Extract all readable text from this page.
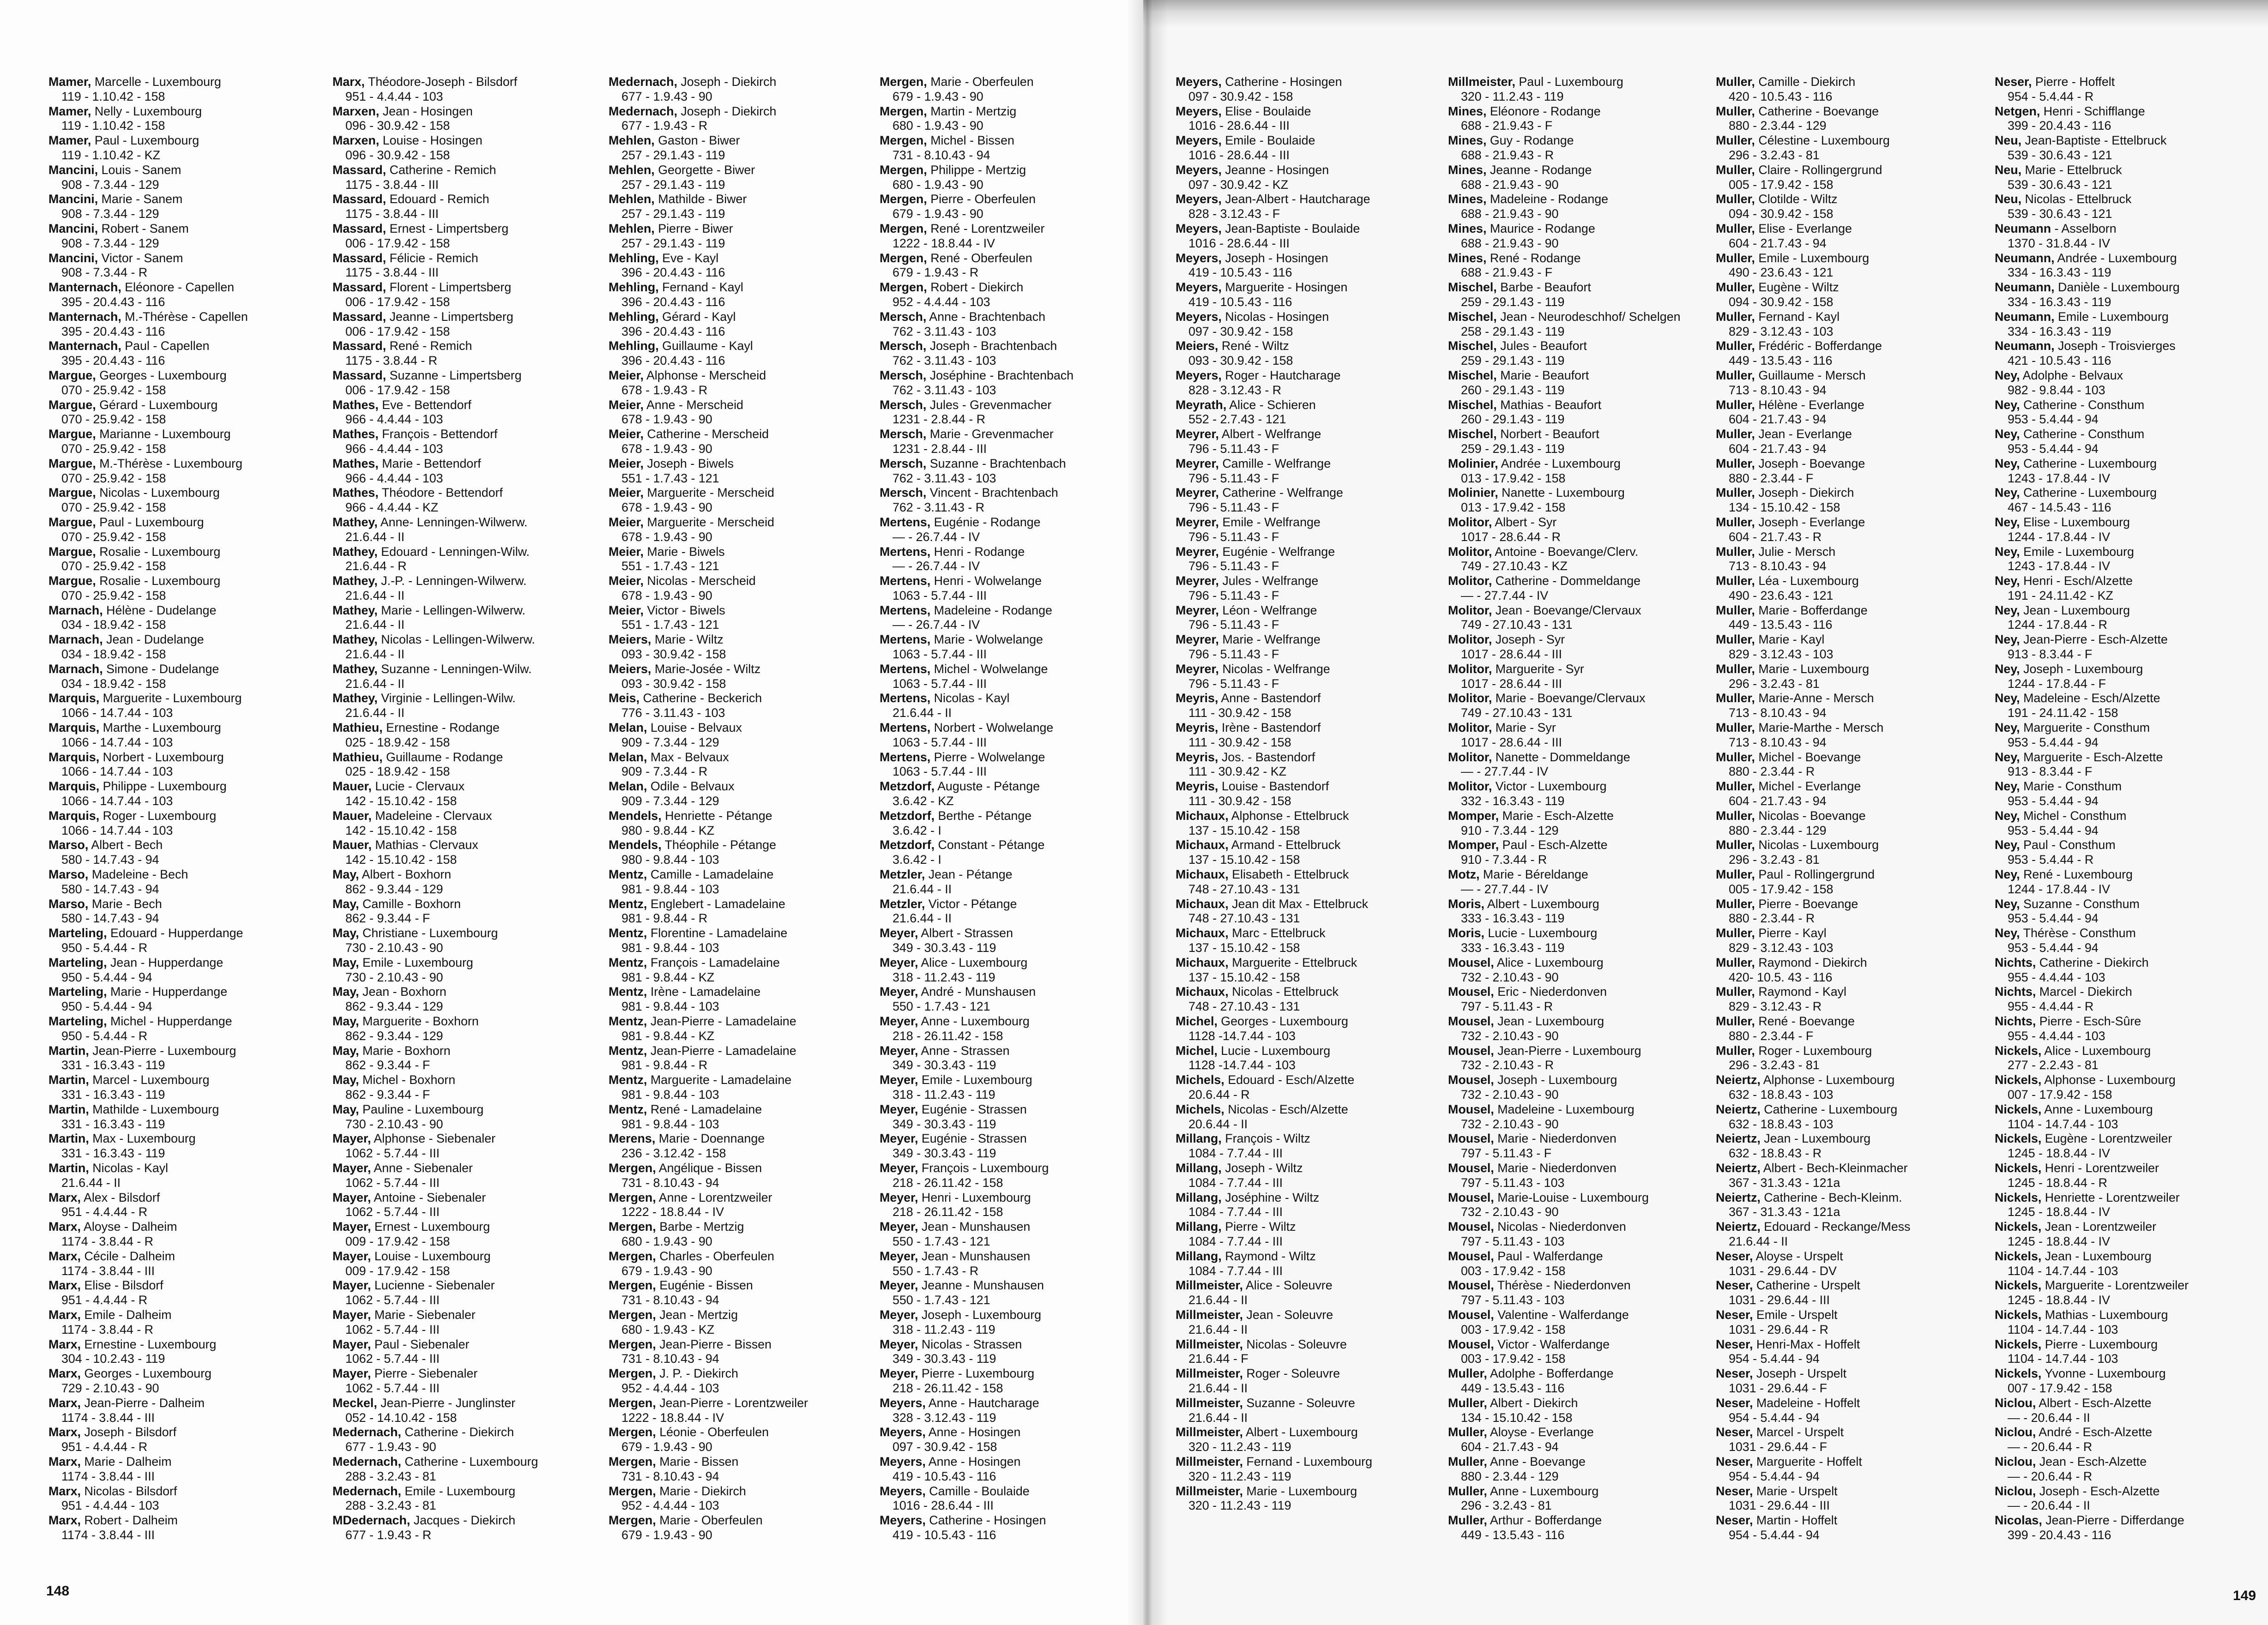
Mamer, Marcelle - Luxembourg
119 - 1.10.42 - 158
Mamer, Nelly - Luxembourg
119 - 1.10.42 - 158
Mamer, Paul - Luxembourg
119 - 1.10.42 - KZ
Mancini, Louis - Sanem
908 - 7.3.44 - 129
Mancini, Marie - Sanem
908 - 7.3.44 - 129
Mancini, Robert - Sanem
908 - 7.3.44 - 129
Mancini, Victor - Sanem
908 - 7.3.44 - R
Manternach, Eléonore - Capellen
395 - 20.4.43 - 116
Manternach, M.-Thérèse - Capellen
395 - 20.4.43 - 116
Manternach, Paul - Capellen
395 - 20.4.43 - 116
Margue, Georges - Luxembourg
070 - 25.9.42 - 158
Margue, Gérard - Luxembourg
070 - 25.9.42 - 158
Margue, Marianne - Luxembourg
070 - 25.9.42 - 158
Margue, M.-Thérèse - Luxembourg
070 - 25.9.42 - 158
Margue, Nicolas - Luxembourg
070 - 25.9.42 - 158
Margue, Paul - Luxembourg
070 - 25.9.42 - 158
Margue, Rosalie - Luxembourg
070 - 25.9.42 - 158
Margue, Rosalie - Luxembourg
070 - 25.9.42 - 158
Marnach, Hélène - Dudelange
034 - 18.9.42 - 158
Marnach, Jean - Dudelange
034 - 18.9.42 - 158
Marnach, Simone - Dudelange
034 - 18.9.42 - 158
Marquis, Marguerite - Luxembourg
1066 - 14.7.44 - 103
Marquis, Marthe - Luxembourg
1066 - 14.7.44 - 103
Marquis, Norbert - Luxembourg
1066 - 14.7.44 - 103
Marquis, Philippe - Luxembourg
1066 - 14.7.44 - 103
Marquis, Roger - Luxembourg
1066 - 14.7.44 - 103
Marso, Albert - Bech
580 - 14.7.43 - 94
Marso, Madeleine - Bech
580 - 14.7.43 - 94
Marso, Marie - Bech
580 - 14.7.43 - 94
Marteling, Edouard - Hupperdange
950 - 5.4.44 - R
Marteling, Jean - Hupperdange
950 - 5.4.44 - 94
Marteling, Marie - Hupperdange
950 - 5.4.44 - 94
Marteling, Michel - Hupperdange
950 - 5.4.44 - R
Martin, Jean-Pierre - Luxembourg
331 - 16.3.43 - 119
Martin, Marcel - Luxembourg
331 - 16.3.43 - 119
Martin, Mathilde - Luxembourg
331 - 16.3.43 - 119
Martin, Max - Luxembourg
331 - 16.3.43 - 119
Martin, Nicolas - Kayl
21.6.44 - II
Marx, Alex - Bilsdorf
951 - 4.4.44 - R
Marx, Aloyse - Dalheim
1174 - 3.8.44 - R
Marx, Cécile - Dalheim
1174 - 3.8.44 - III
Marx, Elise - Bilsdorf
951 - 4.4.44 - R
Marx, Emile - Dalheim
1174 - 3.8.44 - R
Marx, Ernestine - Luxembourg
304 - 10.2.43 - 119
Marx, Georges - Luxembourg
729 - 2.10.43 - 90
Marx, Jean-Pierre - Dalheim
1174 - 3.8.44 - III
Marx, Joseph - Bilsdorf
951 - 4.4.44 - R
Marx, Marie - Dalheim
1174 - 3.8.44 - III
Marx, Nicolas - Bilsdorf
951 - 4.4.44 - 103
Marx, Robert - Dalheim
1174 - 3.8.44 - III
Marx, Théodore-Joseph - Bilsdorf
951 - 4.4.44 - 103
Marxen, Jean - Hosingen
096 - 30.9.42 - 158
Marxen, Louise - Hosingen
096 - 30.9.42 - 158
Massard, Catherine - Remich
1175 - 3.8.44 - III
Massard, Edouard - Remich
1175 - 3.8.44 - III
Massard, Ernest - Limpertsberg
006 - 17.9.42 - 158
Massard, Félicie - Remich
1175 - 3.8.44 - III
Massard, Florent - Limpertsberg
006 - 17.9.42 - 158
Massard, Jeanne - Limpertsberg
006 - 17.9.42 - 158
Massard, René - Remich
1175 - 3.8.44 - R
Massard, Suzanne - Limpertsberg
006 - 17.9.42 - 158
Mathes, Eve - Bettendorf
966 - 4.4.44 - 103
Mathes, François - Bettendorf
966 - 4.4.44 - 103
Mathes, Marie - Bettendorf
966 - 4.4.44 - 103
Mathes, Théodore - Bettendorf
966 - 4.4.44 - KZ
Mathey, Anne- Lenningen-Wilwerw.
21.6.44 - II
Mathey, Edouard - Lenningen-Wilw.
21.6.44 - R
Mathey, J.-P. - Lenningen-Wilwerw.
21.6.44 - II
Mathey, Marie - Lellingen-Wilwerw.
21.6.44 - II
Mathey, Nicolas - Lellingen-Wilwerw.
21.6.44 - II
Mathey, Suzanne - Lenningen-Wilw.
21.6.44 - II
Mathey, Virginie - Lellingen-Wilw.
21.6.44 - II
Mathieu, Ernestine - Rodange
025 - 18.9.42 - 158
Mathieu, Guillaume - Rodange
025 - 18.9.42 - 158
Mauer, Lucie - Clervaux
142 - 15.10.42 - 158
Mauer, Madeleine - Clervaux
142 - 15.10.42 - 158
Mauer, Mathias - Clervaux
142 - 15.10.42 - 158
May, Albert - Boxhorn
862 - 9.3.44 - 129
May, Camille - Boxhorn
862 - 9.3.44 - F
May, Christiane - Luxembourg
730 - 2.10.43 - 90
May, Emile - Luxembourg
730 - 2.10.43 - 90
May, Jean - Boxhorn
862 - 9.3.44 - 129
May, Marguerite - Boxhorn
862 - 9.3.44 - 129
May, Marie - Boxhorn
862 - 9.3.44 - F
May, Michel - Boxhorn
862 - 9.3.44 - F
May, Pauline - Luxembourg
730 - 2.10.43 - 90
Mayer, Alphonse - Siebenaler
1062 - 5.7.44 - III
Mayer, Anne - Siebenaler
1062 - 5.7.44 - III
Mayer, Antoine - Siebenaler
1062 - 5.7.44 - III
Mayer, Ernest - Luxembourg
009 - 17.9.42 - 158
Mayer, Louise - Luxembourg
009 - 17.9.42 - 158
Mayer, Lucienne - Siebenaler
1062 - 5.7.44 - III
Mayer, Marie - Siebenaler
1062 - 5.7.44 - III
Mayer, Paul - Siebenaler
1062 - 5.7.44 - III
Mayer, Pierre - Siebenaler
1062 - 5.7.44 - III
Meckel, Jean-Pierre - Junglinster
052 - 14.10.42 - 158
Medernach, Catherine - Diekirch
677 - 1.9.43 - 90
Medernach, Catherine - Luxembourg
288 - 3.2.43 - 81
Medernach, Emile - Luxembourg
288 - 3.2.43 - 81
MDedernach, Jacques - Diekirch
677 - 1.9.43 - R
Medernach, Joseph - Diekirch
677 - 1.9.43 - 90
Medernach, Joseph - Diekirch
677 - 1.9.43 - R
Mehlen, Gaston - Biwer
257 - 29.1.43 - 119
Mehlen, Georgette - Biwer
257 - 29.1.43 - 119
Mehlen, Mathilde - Biwer
257 - 29.1.43 - 119
Mehlen, Pierre - Biwer
257 - 29.1.43 - 119
Mehling, Eve - Kayl
396 - 20.4.43 - 116
Mehling, Fernand - Kayl
396 - 20.4.43 - 116
Mehling, Gérard - Kayl
396 - 20.4.43 - 116
Mehling, Guillaume - Kayl
396 - 20.4.43 - 116
Meier, Alphonse - Merscheid
678 - 1.9.43 - R
Meier, Anne - Merscheid
678 - 1.9.43 - 90
Meier, Catherine - Merscheid
678 - 1.9.43 - 90
Meier, Joseph - Biwels
551 - 1.7.43 - 121
Meier, Marguerite - Merscheid
678 - 1.9.43 - 90
Meier, Marguerite - Merscheid
678 - 1.9.43 - 90
Meier, Marie - Biwels
551 - 1.7.43 - 121
Meier, Nicolas - Merscheid
678 - 1.9.43 - 90
Meier, Victor - Biwels
551 - 1.7.43 - 121
Meiers, Marie - Wiltz
093 - 30.9.42 - 158
Meiers, Marie-Josée - Wiltz
093 - 30.9.42 - 158
Meis, Catherine - Beckerich
776 - 3.11.43 - 103
Melan, Louise - Belvaux
909 - 7.3.44 - 129
Melan, Max - Belvaux
909 - 7.3.44 - R
Melan, Odile - Belvaux
909 - 7.3.44 - 129
Mendels, Henriette - Pétange
980 - 9.8.44 - KZ
Mendels, Théophile - Pétange
980 - 9.8.44 - 103
Mentz, Camille - Lamadelaine
981 - 9.8.44 - 103
Mentz, Englebert - Lamadelaine
981 - 9.8.44 - R
Mentz, Florentine - Lamadelaine
981 - 9.8.44 - 103
Mentz, François - Lamadelaine
981 - 9.8.44 - KZ
Mentz, Irène - Lamadelaine
981 - 9.8.44 - 103
Mentz, Jean-Pierre - Lamadelaine
981 - 9.8.44 - KZ
Mentz, Jean-Pierre - Lamadelaine
981 - 9.8.44 - R
Mentz, Marguerite - Lamadelaine
981 - 9.8.44 - 103
Mentz, René - Lamadelaine
981 - 9.8.44 - 103
Merens, Marie - Doennange
236 - 3.12.42 - 158
Mergen, Angélique - Bissen
731 - 8.10.43 - 94
Mergen, Anne - Lorentzweiler
1222 - 18.8.44 - IV
Mergen, Barbe - Mertzig
680 - 1.9.43 - 90
Mergen, Charles - Oberfeulen
679 - 1.9.43 - 90
Mergen, Eugénie - Bissen
731 - 8.10.43 - 94
Mergen, Jean - Mertzig
680 - 1.9.43 - KZ
Mergen, Jean-Pierre - Bissen
731 - 8.10.43 - 94
Mergen, J. P. - Diekirch
952 - 4.4.44 - 103
Mergen, Jean-Pierre - Lorentzweiler
1222 - 18.8.44 - IV
Mergen, Léonie - Oberfeulen
679 - 1.9.43 - 90
Mergen, Marie - Bissen
731 - 8.10.43 - 94
Mergen, Marie - Diekirch
952 - 4.4.44 - 103
Mergen, Marie - Oberfeulen
679 - 1.9.43 - 90
Mergen, Marie - Oberfeulen
679 - 1.9.43 - 90
Mergen, Martin - Mertzig
680 - 1.9.43 - 90
Mergen, Michel - Bissen
731 - 8.10.43 - 94
Mergen, Philippe - Mertzig
680 - 1.9.43 - 90
Mergen, Pierre - Oberfeulen
679 - 1.9.43 - 90
Mergen, René - Lorentzweiler
1222 - 18.8.44 - IV
Mergen, René - Oberfeulen
679 - 1.9.43 - R
Mergen, Robert - Diekirch
952 - 4.4.44 - 103
Mersch, Anne - Brachtenbach
762 - 3.11.43 - 103
Mersch, Joseph - Brachtenbach
762 - 3.11.43 - 103
Mersch, Joséphine - Brachtenbach
762 - 3.11.43 - 103
Mersch, Jules - Grevenmacher
1231 - 2.8.44 - R
Mersch, Marie - Grevenmacher
1231 - 2.8.44 - III
Mersch, Suzanne - Brachtenbach
762 - 3.11.43 - 103
Mersch, Vincent - Brachtenbach
762 - 3.11.43 - R
Mertens, Eugénie - Rodange
— - 26.7.44 - IV
Mertens, Henri - Rodange
— - 26.7.44 - IV
Mertens, Henri - Wolwelange
1063 - 5.7.44 - III
Mertens, Madeleine - Rodange
— - 26.7.44 - IV
Mertens, Marie - Wolwelange
1063 - 5.7.44 - III
Mertens, Michel - Wolwelange
1063 - 5.7.44 - III
Mertens, Nicolas - Kayl
21.6.44 - II
Mertens, Norbert - Wolwelange
1063 - 5.7.44 - III
Mertens, Pierre - Wolwelange
1063 - 5.7.44 - III
Metzdorf, Auguste - Pétange
3.6.42 - KZ
Metzdorf, Berthe - Pétange
3.6.42 - I
Metzdorf, Constant - Pétange
3.6.42 - I
Metzler, Jean - Pétange
21.6.44 - II
Metzler, Victor - Pétange
21.6.44 - II
Meyer, Albert - Strassen
349 - 30.3.43 - 119
Meyer, Alice - Luxembourg
318 - 11.2.43 - 119
Meyer, André - Munshausen
550 - 1.7.43 - 121
Meyer, Anne - Luxembourg
218 - 26.11.42 - 158
Meyer, Anne - Strassen
349 - 30.3.43 - 119
Meyer, Emile - Luxembourg
318 - 11.2.43 - 119
Meyer, Eugénie - Strassen
349 - 30.3.43 - 119
Meyer, Eugénie - Strassen
349 - 30.3.43 - 119
Meyer, François - Luxembourg
218 - 26.11.42 - 158
Meyer, Henri - Luxembourg
218 - 26.11.42 - 158
Meyer, Jean - Munshausen
550 - 1.7.43 - 121
Meyer, Jean - Munshausen
550 - 1.7.43 - R
Meyer, Jeanne - Munshausen
550 - 1.7.43 - 121
Meyer, Joseph - Luxembourg
318 - 11.2.43 - 119
Meyer, Nicolas - Strassen
349 - 30.3.43 - 119
Meyer, Pierre - Luxembourg
218 - 26.11.42 - 158
Meyers, Anne - Hautcharage
328 - 3.12.43 - 119
Meyers, Anne - Hosingen
097 - 30.9.42 - 158
Meyers, Anne - Hosingen
419 - 10.5.43 - 116
Meyers, Camille - Boulaide
1016 - 28.6.44 - III
Meyers, Catherine - Hosingen
419 - 10.5.43 - 116
148
Meyers, Catherine - Hosingen
097 - 30.9.42 - 158
Meyers, Elise - Boulaide
1016 - 28.6.44 - III
Meyers, Emile - Boulaide
1016 - 28.6.44 - III
Meyers, Jeanne - Hosingen
097 - 30.9.42 - KZ
Meyers, Jean-Albert - Hautcharage
828 - 3.12.43 - F
Meyers, Jean-Baptiste - Boulaide
1016 - 28.6.44 - III
Meyers, Joseph - Hosingen
419 - 10.5.43 - 116
Meyers, Marguerite - Hosingen
419 - 10.5.43 - 116
Meyers, Nicolas - Hosingen
097 - 30.9.42 - 158
Meiers, René - Wiltz
093 - 30.9.42 - 158
Meyers, Roger - Hautcharage
828 - 3.12.43 - R
Meyrath, Alice - Schieren
552 - 2.7.43 - 121
Meyrer, Albert - Welfrange
796 - 5.11.43 - F
Meyrer, Camille - Welfrange
796 - 5.11.43 - F
Meyrer, Catherine - Welfrange
796 - 5.11.43 - F
Meyrer, Emile - Welfrange
796 - 5.11.43 - F
Meyrer, Eugénie - Welfrange
796 - 5.11.43 - F
Meyrer, Jules - Welfrange
796 - 5.11.43 - F
Meyrer, Léon - Welfrange
796 - 5.11.43 - F
Meyrer, Marie - Welfrange
796 - 5.11.43 - F
Meyrer, Nicolas - Welfrange
796 - 5.11.43 - F
Meyris, Anne - Bastendorf
111 - 30.9.42 - 158
Meyris, Irène - Bastendorf
111 - 30.9.42 - 158
Meyris, Jos. - Bastendorf
111 - 30.9.42 - KZ
Meyris, Louise - Bastendorf
111 - 30.9.42 - 158
Michaux, Alphonse - Ettelbruck
137 - 15.10.42 - 158
Michaux, Armand - Ettelbruck
137 - 15.10.42 - 158
Michaux, Elisabeth - Ettelbruck
748 - 27.10.43 - 131
Michaux, Jean dit Max - Ettelbruck
748 - 27.10.43 - 131
Michaux, Marc - Ettelbruck
137 - 15.10.42 - 158
Michaux, Marguerite - Ettelbruck
137 - 15.10.42 - 158
Michaux, Nicolas - Ettelbruck
748 - 27.10.43 - 131
Michel, Georges - Luxembourg
1128 -14.7.44 - 103
Michel, Lucie - Luxembourg
1128 -14.7.44 - 103
Michels, Edouard - Esch/Alzette
20.6.44 - R
Michels, Nicolas - Esch/Alzette
20.6.44 - II
Millang, François - Wiltz
1084 - 7.7.44 - III
Millang, Joseph - Wiltz
1084 - 7.7.44 - III
Millang, Joséphine - Wiltz
1084 - 7.7.44 - III
Millang, Pierre - Wiltz
1084 - 7.7.44 - III
Millang, Raymond - Wiltz
1084 - 7.7.44 - III
Millmeister, Alice - Soleuvre
21.6.44 - II
Millmeister, Jean - Soleuvre
21.6.44 - II
Millmeister, Nicolas - Soleuvre
21.6.44 - F
Millmeister, Roger - Soleuvre
21.6.44 - II
Millmeister, Suzanne - Soleuvre
21.6.44 - II
Millmeister, Albert - Luxembourg
320 - 11.2.43 - 119
Millmeister, Fernand - Luxembourg
320 - 11.2.43 - 119
Millmeister, Marie - Luxembourg
320 - 11.2.43 - 119
Millmeister, Paul - Luxembourg
320 - 11.2.43 - 119
Mines, Eléonore - Rodange
688 - 21.9.43 - F
Mines, Guy - Rodange
688 - 21.9.43 - R
Mines, Jeanne - Rodange
688 - 21.9.43 - 90
Mines, Madeleine - Rodange
688 - 21.9.43 - 90
Mines, Maurice - Rodange
688 - 21.9.43 - 90
Mines, René - Rodange
688 - 21.9.43 - F
Mischel, Barbe - Beaufort
259 - 29.1.43 - 119
Mischel, Jean - Neurodeschhof/ Schelgen
258 - 29.1.43 - 119
Mischel, Jules - Beaufort
259 - 29.1.43 - 119
Mischel, Marie - Beaufort
260 - 29.1.43 - 119
Mischel, Mathias - Beaufort
260 - 29.1.43 - 119
Mischel, Norbert - Beaufort
259 - 29.1.43 - 119
Molinier, Andrée - Luxembourg
013 - 17.9.42 - 158
Molinier, Nanette - Luxembourg
013 - 17.9.42 - 158
Molitor, Albert - Syr
1017 - 28.6.44 - R
Molitor, Antoine - Boevange/Clerv.
749 - 27.10.43 - KZ
Molitor, Catherine - Dommeldange
— - 27.7.44 - IV
Molitor, Jean - Boevange/Clervaux
749 - 27.10.43 - 131
Molitor, Joseph - Syr
1017 - 28.6.44 - III
Molitor, Marguerite - Syr
1017 - 28.6.44 - III
Molitor, Marie - Boevange/Clervaux
749 - 27.10.43 - 131
Molitor, Marie - Syr
1017 - 28.6.44 - III
Molitor, Nanette - Dommeldange
— - 27.7.44 - IV
Molitor, Victor - Luxembourg
332 - 16.3.43 - 119
Momper, Marie - Esch-Alzette
910 - 7.3.44 - 129
Momper, Paul - Esch-Alzette
910 - 7.3.44 - R
Motz, Marie - Béreldange
— - 27.7.44 - IV
Moris, Albert - Luxembourg
333 - 16.3.43 - 119
Moris, Lucie - Luxembourg
333 - 16.3.43 - 119
Mousel, Alice - Luxembourg
732 - 2.10.43 - 90
Mousel, Eric - Niederdonven
797 - 5.11.43 - R
Mousel, Jean - Luxembourg
732 - 2.10.43 - 90
Mousel, Jean-Pierre - Luxembourg
732 - 2.10.43 - R
Mousel, Joseph - Luxembourg
732 - 2.10.43 - 90
Mousel, Madeleine - Luxembourg
732 - 2.10.43 - 90
Mousel, Marie - Niederdonven
797 - 5.11.43 - F
Mousel, Marie - Niederdonven
797 - 5.11.43 - 103
Mousel, Marie-Louise - Luxembourg
732 - 2.10.43 - 90
Mousel, Nicolas - Niederdonven
797 - 5.11.43 - 103
Mousel, Paul - Walferdange
003 - 17.9.42 - 158
Mousel, Thérèse - Niederdonven
797 - 5.11.43 - 103
Mousel, Valentine - Walferdange
003 - 17.9.42 - 158
Mousel, Victor - Walferdange
003 - 17.9.42 - 158
Muller, Adolphe - Bofferdange
449 - 13.5.43 - 116
Muller, Albert - Diekirch
134 - 15.10.42 - 158
Muller, Aloyse - Everlange
604 - 21.7.43 - 94
Muller, Anne - Boevange
880 - 2.3.44 - 129
Muller, Anne - Luxembourg
296 - 3.2.43 - 81
Muller, Arthur - Bofferdange
449 - 13.5.43 - 116
Muller, Camille - Diekirch
420 - 10.5.43 - 116
Muller, Catherine - Boevange
880 - 2.3.44 - 129
Muller, Célestine - Luxembourg
296 - 3.2.43 - 81
Muller, Claire - Rollingergrund
005 - 17.9.42 - 158
Muller, Clotilde - Wiltz
094 - 30.9.42 - 158
Muller, Elise - Everlange
604 - 21.7.43 - 94
Muller, Emile - Luxembourg
490 - 23.6.43 - 121
Muller, Eugène - Wiltz
094 - 30.9.42 - 158
Muller, Fernand - Kayl
829 - 3.12.43 - 103
Muller, Frédéric - Bofferdange
449 - 13.5.43 - 116
Muller, Guillaume - Mersch
713 - 8.10.43 - 94
Muller, Hélène - Everlange
604 - 21.7.43 - 94
Muller, Jean - Everlange
604 - 21.7.43 - 94
Muller, Joseph - Boevange
880 - 2.3.44 - F
Muller, Joseph - Diekirch
134 - 15.10.42 - 158
Muller, Joseph - Everlange
604 - 21.7.43 - R
Muller, Julie - Mersch
713 - 8.10.43 - 94
Muller, Léa - Luxembourg
490 - 23.6.43 - 121
Muller, Marie - Bofferdange
449 - 13.5.43 - 116
Muller, Marie - Kayl
829 - 3.12.43 - 103
Muller, Marie - Luxembourg
296 - 3.2.43 - 81
Muller, Marie-Anne - Mersch
713 - 8.10.43 - 94
Muller, Marie-Marthe - Mersch
713 - 8.10.43 - 94
Muller, Michel - Boevange
880 - 2.3.44 - R
Muller, Michel - Everlange
604 - 21.7.43 - 94
Muller, Nicolas - Boevange
880 - 2.3.44 - 129
Muller, Nicolas - Luxembourg
296 - 3.2.43 - 81
Muller, Paul - Rollingergrund
005 - 17.9.42 - 158
Muller, Pierre - Boevange
880 - 2.3.44 - R
Muller, Pierre - Kayl
829 - 3.12.43 - 103
Muller, Raymond - Diekirch
420- 10.5. 43 - 116
Muller, Raymond - Kayl
829 - 3.12.43 - R
Muller, René - Boevange
880 - 2.3.44 - F
Muller, Roger - Luxembourg
296 - 3.2.43 - 81
Neiertz, Alphonse - Luxembourg
632 - 18.8.43 - 103
Neiertz, Catherine - Luxembourg
632 - 18.8.43 - 103
Neiertz, Jean - Luxembourg
632 - 18.8.43 - R
Neiertz, Albert - Bech-Kleinmacher
367 - 31.3.43 - 121a
Neiertz, Catherine - Bech-Kleinm.
367 - 31.3.43 - 121a
Neiertz, Edouard - Reckange/Mess
21.6.44 - II
Neser, Aloyse - Urspelt
1031 - 29.6.44 - DV
Neser, Catherine - Urspelt
1031 - 29.6.44 - III
Neser, Emile - Urspelt
1031 - 29.6.44 - R
Neser, Henri-Max - Hoffelt
954 - 5.4.44 - 94
Neser, Joseph - Urspelt
1031 - 29.6.44 - F
Neser, Madeleine - Hoffelt
954 - 5.4.44 - 94
Neser, Marcel - Urspelt
1031 - 29.6.44 - F
Neser, Marguerite - Hoffelt
954 - 5.4.44 - 94
Neser, Marie - Urspelt
1031 - 29.6.44 - III
Neser, Martin - Hoffelt
954 - 5.4.44 - 94
Neser, Pierre - Hoffelt
954 - 5.4.44 - R
Netgen, Henri - Schifflange
399 - 20.4.43 - 116
Neu, Jean-Baptiste - Ettelbruck
539 - 30.6.43 - 121
Neu, Marie - Ettelbruck
539 - 30.6.43 - 121
Neu, Nicolas - Ettelbruck
539 - 30.6.43 - 121
Neumann - Asselborn
1370 - 31.8.44 - IV
Neumann, Andrée - Luxembourg
334 - 16.3.43 - 119
Neumann, Danièle - Luxembourg
334 - 16.3.43 - 119
Neumann, Emile - Luxembourg
334 - 16.3.43 - 119
Neumann, Joseph - Troisvierges
421 - 10.5.43 - 116
Ney, Adolphe - Belvaux
982 - 9.8.44 - 103
Ney, Catherine - Consthum
953 - 5.4.44 - 94
Ney, Catherine - Consthum
953 - 5.4.44 - 94
Ney, Catherine - Luxembourg
1243 - 17.8.44 - IV
Ney, Catherine - Luxembourg
467 - 14.5.43 - 116
Ney, Elise - Luxembourg
1244 - 17.8.44 - IV
Ney, Emile - Luxembourg
1243 - 17.8.44 - IV
Ney, Henri - Esch/Alzette
191 - 24.11.42 - KZ
Ney, Jean - Luxembourg
1244 - 17.8.44 - R
Ney, Jean-Pierre - Esch-Alzette
913 - 8.3.44 - F
Ney, Joseph - Luxembourg
1244 - 17.8.44 - F
Ney, Madeleine - Esch/Alzette
191 - 24.11.42 - 158
Ney, Marguerite - Consthum
953 - 5.4.44 - 94
Ney, Marguerite - Esch-Alzette
913 - 8.3.44 - F
Ney, Marie - Consthum
953 - 5.4.44 - 94
Ney, Michel - Consthum
953 - 5.4.44 - 94
Ney, Paul - Consthum
953 - 5.4.44 - R
Ney, René - Luxembourg
1244 - 17.8.44 - IV
Ney, Suzanne - Consthum
953 - 5.4.44 - 94
Ney, Thérèse - Consthum
953 - 5.4.44 - 94
Nichts, Catherine - Diekirch
955 - 4.4.44 - 103
Nichts, Marcel - Diekirch
955 - 4.4.44 - R
Nichts, Pierre - Esch-Sûre
955 - 4.4.44 - 103
Nickels, Alice - Luxembourg
277 - 2.2.43 - 81
Nickels, Alphonse - Luxembourg
007 - 17.9.42 - 158
Nickels, Anne - Luxembourg
1104 - 14.7.44 - 103
Nickels, Eugène - Lorentzweiler
1245 - 18.8.44 - IV
Nickels, Henri - Lorentzweiler
1245 - 18.8.44 - R
Nickels, Henriette - Lorentzweiler
1245 - 18.8.44 - IV
Nickels, Jean - Lorentzweiler
1245 - 18.8.44 - IV
Nickels, Jean - Luxembourg
1104 - 14.7.44 - 103
Nickels, Marguerite - Lorentzweiler
1245 - 18.8.44 - IV
Nickels, Mathias - Luxembourg
1104 - 14.7.44 - 103
Nickels, Pierre - Luxembourg
1104 - 14.7.44 - 103
Nickels, Yvonne - Luxembourg
007 - 17.9.42 - 158
Niclou, Albert - Esch-Alzette
— - 20.6.44 - II
Niclou, André - Esch-Alzette
— - 20.6.44 - R
Niclou, Jean - Esch-Alzette
— - 20.6.44 - R
Niclou, Joseph - Esch-Alzette
— - 20.6.44 - II
Nicolas, Jean-Pierre - Differdange
399 - 20.4.43 - 116
149
